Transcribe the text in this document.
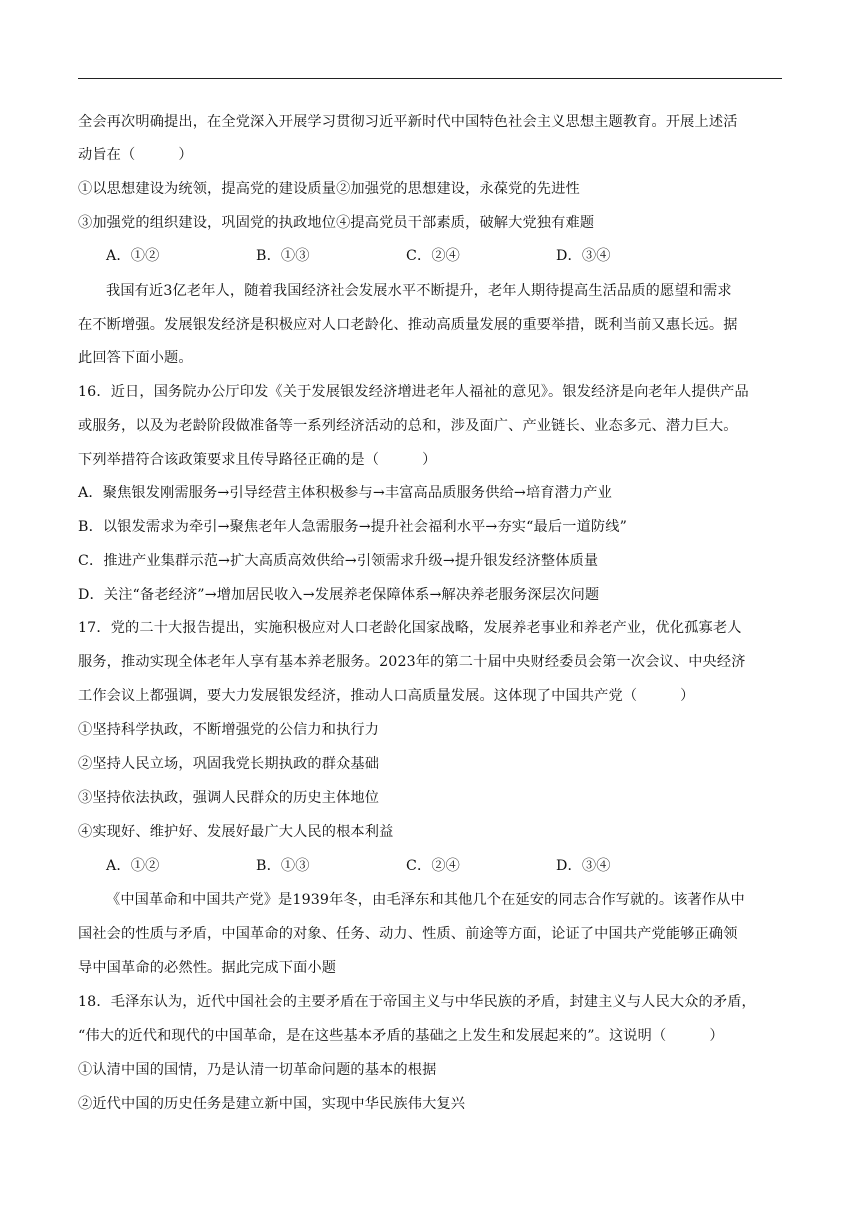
全会再次明确提出，在全党深入开展学习贯彻习近平新时代中国特色社会主义思想主题教育。开展上述活
动旨在（　　　）
①以思想建设为统领，提高党的建设质量②加强党的思想建设，永葆党的先进性
③加强党的组织建设，巩固党的执政地位④提高党员干部素质，破解大党独有难题
A．①②	B．①③	C．②④	D．③④
我国有近3亿老年人，随着我国经济社会发展水平不断提升，老年人期待提高生活品质的愿望和需求
在不断增强。发展银发经济是积极应对人口老龄化、推动高质量发展的重要举措，既利当前又惠长远。据
此回答下面小题。
16．近日，国务院办公厅印发《关于发展银发经济增进老年人福祉的意见》。银发经济是向老年人提供产品
或服务，以及为老龄阶段做准备等一系列经济活动的总和，涉及面广、产业链长、业态多元、潜力巨大。
下列举措符合该政策要求且传导路径正确的是（　　　）
A．聚焦银发刚需服务→引导经营主体积极参与→丰富高品质服务供给→培育潜力产业
B．以银发需求为牵引→聚焦老年人急需服务→提升社会福利水平→夯实“最后一道防线”
C．推进产业集群示范→扩大高质高效供给→引领需求升级→提升银发经济整体质量
D．关注“备老经济”→增加居民收入→发展养老保障体系→解决养老服务深层次问题
17．党的二十大报告提出，实施积极应对人口老龄化国家战略，发展养老事业和养老产业，优化孤寡老人
服务，推动实现全体老年人享有基本养老服务。2023年的第二十届中央财经委员会第一次会议、中央经济
工作会议上都强调，要大力发展银发经济，推动人口高质量发展。这体现了中国共产党（　　　）
①坚持科学执政，不断增强党的公信力和执行力
②坚持人民立场，巩固我党长期执政的群众基础
③坚持依法执政，强调人民群众的历史主体地位
④实现好、维护好、发展好最广大人民的根本利益
A．①②	B．①③	C．②④	D．③④
《中国革命和中国共产党》是1939年冬，由毛泽东和其他几个在延安的同志合作写就的。该著作从中
国社会的性质与矛盾，中国革命的对象、任务、动力、性质、前途等方面，论证了中国共产党能够正确领
导中国革命的必然性。据此完成下面小题
18．毛泽东认为，近代中国社会的主要矛盾在于帝国主义与中华民族的矛盾，封建主义与人民大众的矛盾，
“伟大的近代和现代的中国革命，是在这些基本矛盾的基础之上发生和发展起来的”。这说明（　　　）
①认清中国的国情，乃是认清一切革命问题的基本的根据
②近代中国的历史任务是建立新中国，实现中华民族伟大复兴
